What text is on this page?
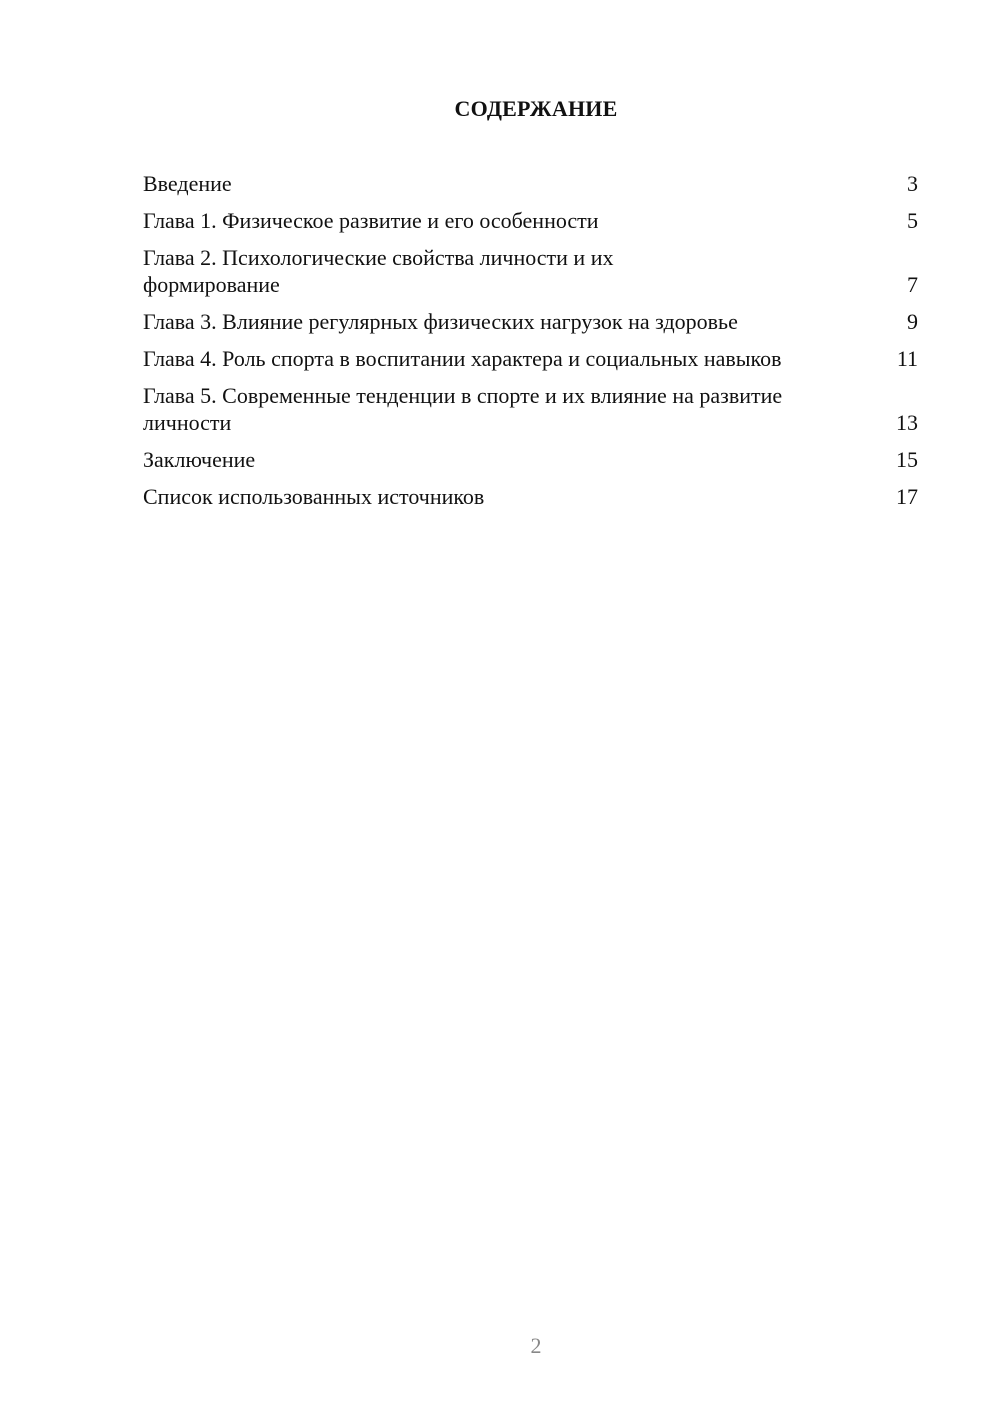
СОДЕРЖАНИЕ
Введение	3
Глава 1. Физическое развитие и его особенности	5
Глава 2. Психологические свойства личности и их формирование	7
Глава 3. Влияние регулярных физических нагрузок на здоровье	9
Глава 4. Роль спорта в воспитании характера и социальных навыков	11
Глава 5. Современные тенденции в спорте и их влияние на развитие личности	13
Заключение	15
Список использованных источников	17
2
